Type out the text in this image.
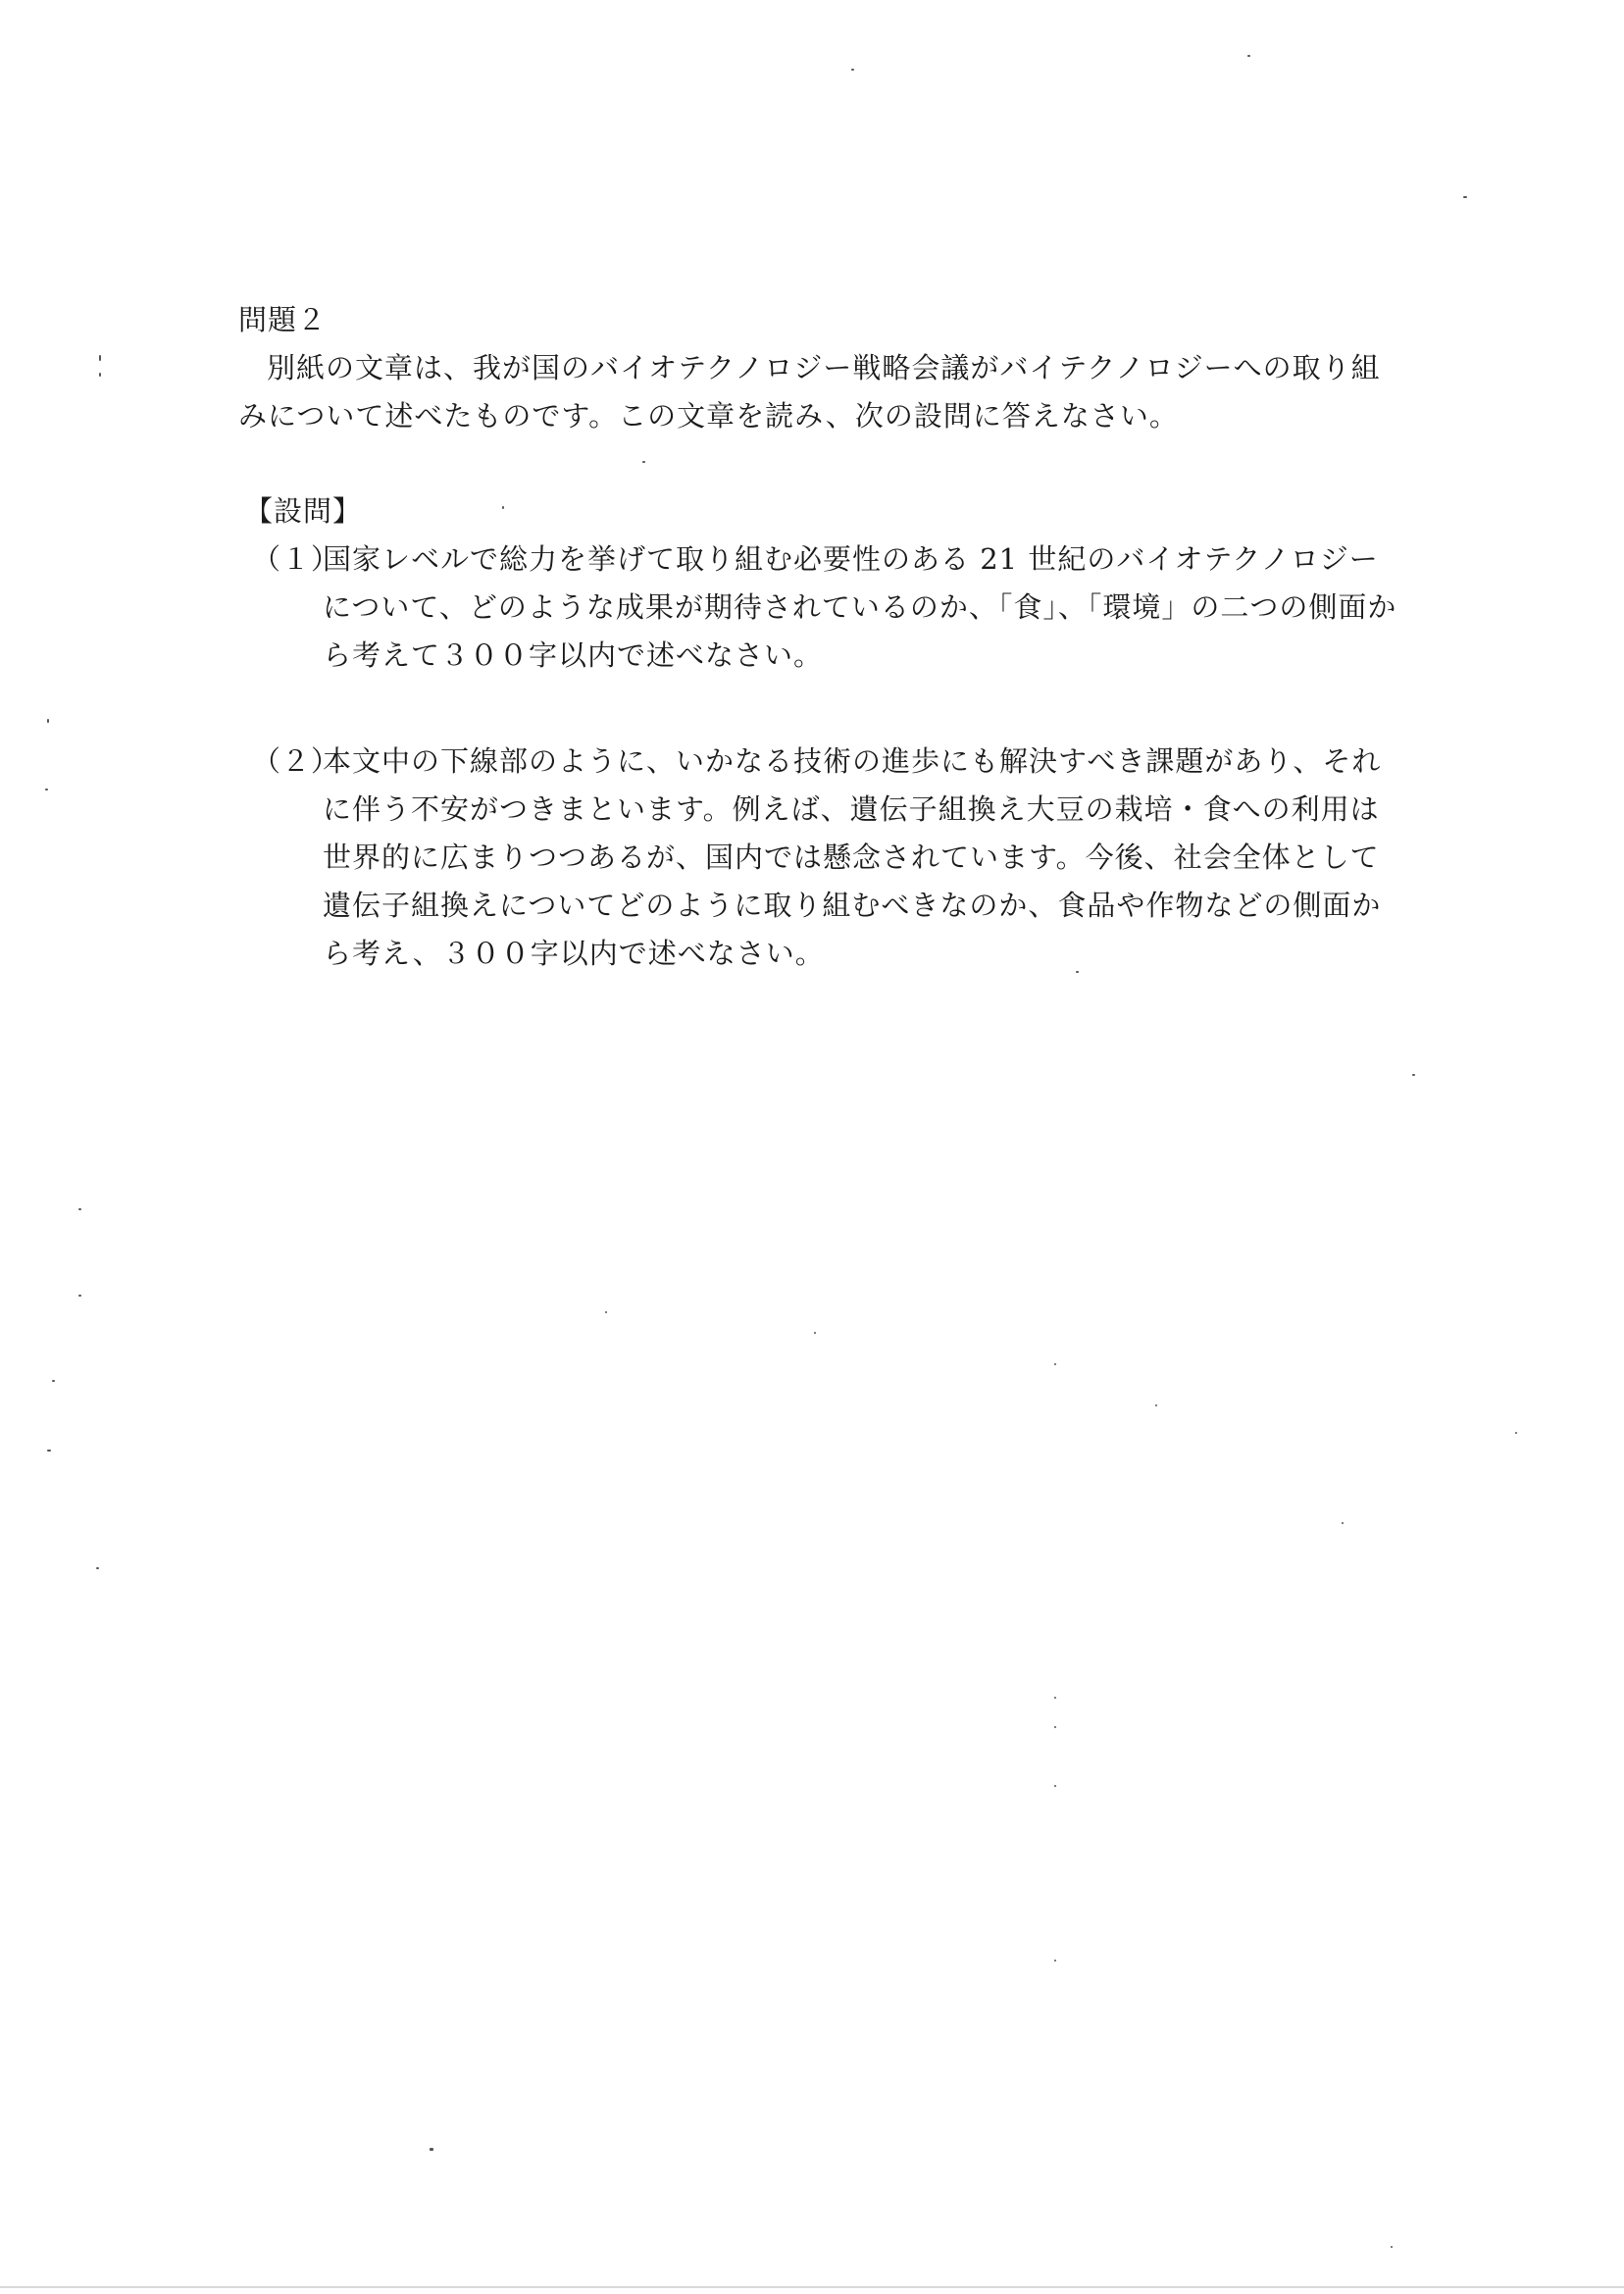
問題２

別紙の文章は、我が国のバイオテクノロジー戦略会議がバイテクノロジーへの取り組みについて述べたものです。この文章を読み、次の設問に答えなさい。

【設問】
（１）

国家レベルで総力を挙げて取り組む必要性のある 21 世紀のバイオテクノロジーについて、どのような成果が期待されているのか、「食」、「環境」の二つの側面から考えて３００字以内で述べなさい。

（２）

本文中の下線部のように、いかなる技術の進歩にも解決すべき課題があり、それに伴う不安がつきまといます。例えば、遺伝子組換え大豆の栽培・食への利用は世界的に広まりつつあるが、国内では懸念されています。今後、社会全体として遺伝子組換えについてどのように取り組むべきなのか、食品や作物などの側面から考え、３００字以内で述べなさい。
